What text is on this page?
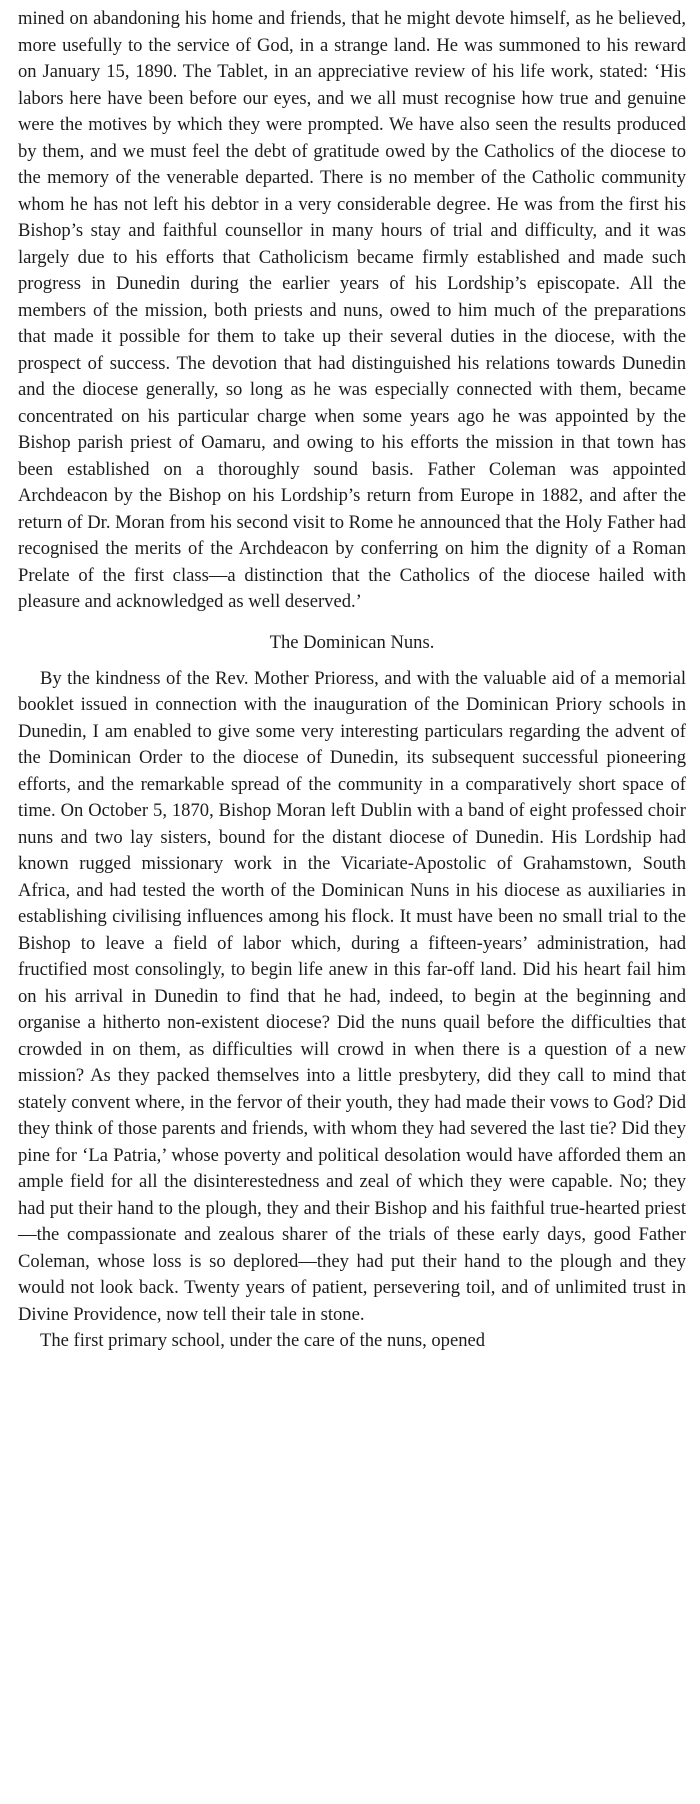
mined on abandoning his home and friends, that he might devote himself, as he believed, more usefully to the service of God, in a strange land. He was summoned to his reward on January 15, 1890. The Tablet, in an appreciative review of his life work, stated: ‘His labors here have been before our eyes, and we all must recognise how true and genuine were the motives by which they were prompted. We have also seen the results produced by them, and we must feel the debt of gratitude owed by the Catholics of the diocese to the memory of the venerable departed. There is no member of the Catholic community whom he has not left his debtor in a very considerable degree. He was from the first his Bishop’s stay and faithful counsellor in many hours of trial and difficulty, and it was largely due to his efforts that Catholicism became firmly established and made such progress in Dunedin during the earlier years of his Lordship’s episcopate. All the members of the mission, both priests and nuns, owed to him much of the preparations that made it possible for them to take up their several duties in the diocese, with the prospect of success. The devotion that had distinguished his relations towards Dunedin and the diocese generally, so long as he was especially connected with them, became concentrated on his particular charge when some years ago he was appointed by the Bishop parish priest of Oamaru, and owing to his efforts the mission in that town has been established on a thoroughly sound basis. Father Coleman was appointed Archdeacon by the Bishop on his Lordship’s return from Europe in 1882, and after the return of Dr. Moran from his second visit to Rome he announced that the Holy Father had recognised the merits of the Archdeacon by conferring on him the dignity of a Roman Prelate of the first class—a distinction that the Catholics of the diocese hailed with pleasure and acknowledged as well deserved.’

The Dominican Nuns.

By the kindness of the Rev. Mother Prioress, and with the valuable aid of a memorial booklet issued in connection with the inauguration of the Dominican Priory schools in Dunedin, I am enabled to give some very interesting particulars regarding the advent of the Dominican Order to the diocese of Dunedin, its subsequent successful pioneering efforts, and the remarkable spread of the community in a comparatively short space of time. On October 5, 1870, Bishop Moran left Dublin with a band of eight professed choir nuns and two lay sisters, bound for the distant diocese of Dunedin. His Lordship had known rugged missionary work in the Vicariate-Apostolic of Grahamstown, South Africa, and had tested the worth of the Dominican Nuns in his diocese as auxiliaries in establishing civilising influences among his flock. It must have been no small trial to the Bishop to leave a field of labor which, during a fifteen-years’ administration, had fructified most consolingly, to begin life anew in this far-off land. Did his heart fail him on his arrival in Dunedin to find that he had, indeed, to begin at the beginning and organise a hitherto non-existent diocese? Did the nuns quail before the difficulties that crowded in on them, as difficulties will crowd in when there is a question of a new mission? As they packed themselves into a little presbytery, did they call to mind that stately convent where, in the fervor of their youth, they had made their vows to God? Did they think of those parents and friends, with whom they had severed the last tie? Did they pine for ‘La Patria,’ whose poverty and political desolation would have afforded them an ample field for all the disinterestedness and zeal of which they were capable. No; they had put their hand to the plough, they and their Bishop and his faithful true-hearted priest—the compassionate and zealous sharer of the trials of these early days, good Father Coleman, whose loss is so deplored—they had put their hand to the plough and they would not look back. Twenty years of patient, persevering toil, and of unlimited trust in Divine Providence, now tell their tale in stone.

The first primary school, under the care of the nuns, opened
